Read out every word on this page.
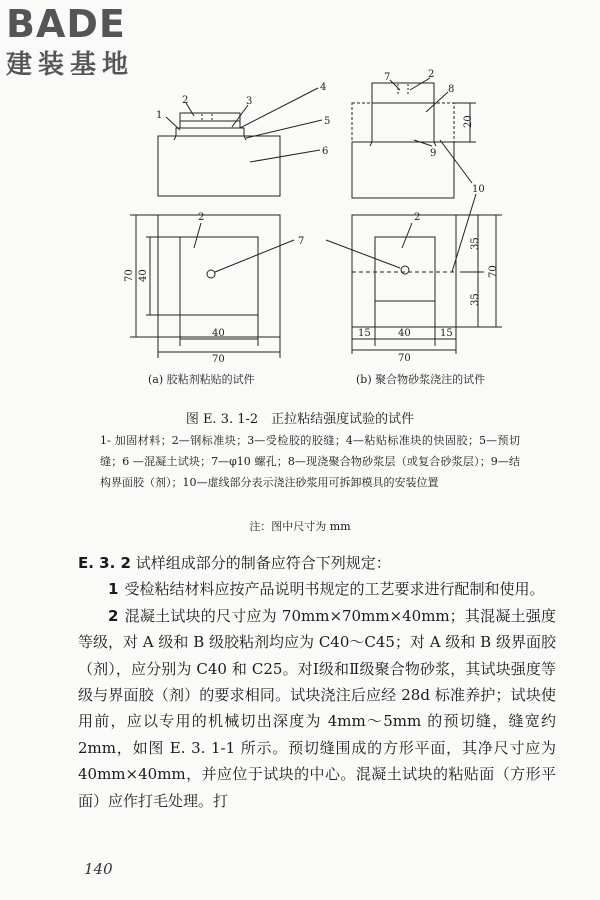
BADE
建装基地
1
2	3
4
5
6
7	2
8
20
9
10
2
7
2
70 40
40
70
35
35
70
15	40	15
70
(a) 胶粘剂粘贴的试件	(b) 聚合物砂浆浇注的试件
图 E. 3. 1-2　正拉粘结强度试验的试件
1- 加固材料；2—钢标准块；3—受检胶的胶缝；4—粘贴标准块的快固胶；5—预切缝；6 —混凝土试块；7—φ10 螺孔；8—现浇聚合物砂浆层（或复合砂浆层）；9—结构界面胶（剂）；10—虚线部分表示浇注砂浆用可拆卸模具的安装位置
注：图中尺寸为 mm

E. 3. 2 试样组成部分的制备应符合下列规定：

1 受检粘结材料应按产品说明书规定的工艺要求进行配制和使用。

2 混凝土试块的尺寸应为 70mm×70mm×40mm；其混凝土强度等级，对 A 级和 B 级胶粘剂均应为 C40～C45；对 A 级和 B 级界面胶（剂），应分别为 C40 和 C25。对Ⅰ级和Ⅱ级聚合物砂浆，其试块强度等级与界面胶（剂）的要求相同。试块浇注后应经 28d 标准养护；试块使用前，应以专用的机械切出深度为 4mm～5mm 的预切缝，缝宽约 2mm，如图 E. 3. 1-1 所示。预切缝围成的方形平面，其净尺寸应为 40mm×40mm，并应位于试块的中心。混凝土试块的粘贴面（方形平面）应作打毛处理。打

140
